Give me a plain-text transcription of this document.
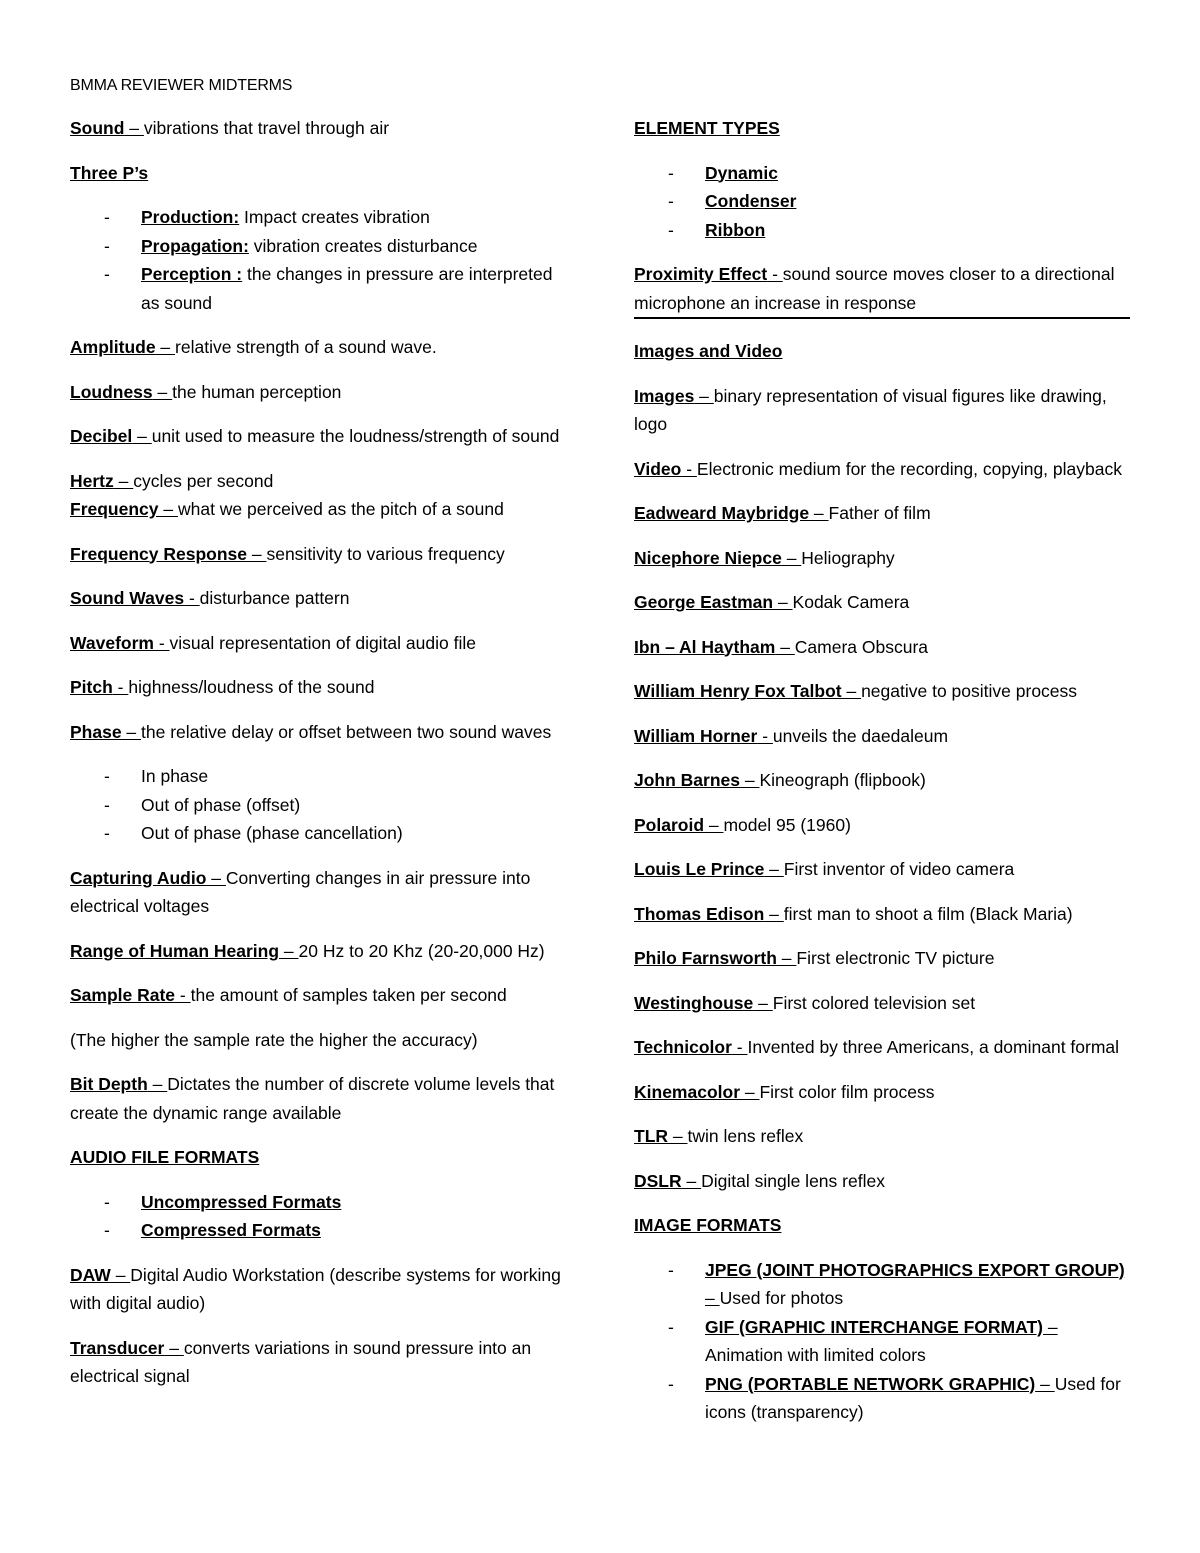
BMMA REVIEWER MIDTERMS
Sound – vibrations that travel through air
Three P’s
- Production: Impact creates vibration
- Propagation: vibration creates disturbance
- Perception : the changes in pressure are interpreted as sound
Amplitude – relative strength of a sound wave.
Loudness – the human perception
Decibel – unit used to measure the loudness/strength of sound
Hertz – cycles per second
Frequency – what we perceived as the pitch of a sound
Frequency Response – sensitivity to various frequency
Sound Waves - disturbance pattern
Waveform - visual representation of digital audio file
Pitch - highness/loudness of the sound
Phase – the relative delay or offset between two sound waves
- In phase
- Out of phase (offset)
- Out of phase (phase cancellation)
Capturing Audio – Converting changes in air pressure into electrical voltages
Range of Human Hearing – 20 Hz to 20 Khz (20-20,000 Hz)
Sample Rate - the amount of samples taken per second
(The higher the sample rate the higher the accuracy)
Bit Depth – Dictates the number of discrete volume levels that create the dynamic range available
AUDIO FILE FORMATS
- Uncompressed Formats
- Compressed Formats
DAW – Digital Audio Workstation (describe systems for working with digital audio)
Transducer – converts variations in sound pressure into an electrical signal
ELEMENT TYPES
- Dynamic
- Condenser
- Ribbon
Proximity Effect - sound source moves closer to a directional microphone an increase in response
Images and Video
Images – binary representation of visual figures like drawing, logo
Video - Electronic medium for the recording, copying, playback
Eadweard Maybridge – Father of film
Nicephore Niepce – Heliography
George Eastman – Kodak Camera
Ibn – Al Haytham – Camera Obscura
William Henry Fox Talbot – negative to positive process
William Horner - unveils the daedaleum
John Barnes – Kineograph (flipbook)
Polaroid – model 95 (1960)
Louis Le Prince – First inventor of video camera
Thomas Edison – first man to shoot a film (Black Maria)
Philo Farnsworth – First electronic TV picture
Westinghouse – First colored television set
Technicolor - Invented by three Americans, a dominant formal
Kinemacolor – First color film process
TLR – twin lens reflex
DSLR – Digital single lens reflex
IMAGE FORMATS
- JPEG (JOINT PHOTOGRAPHICS EXPORT GROUP) – Used for photos
- GIF (GRAPHIC INTERCHANGE FORMAT) – Animation with limited colors
- PNG (PORTABLE NETWORK GRAPHIC) – Used for icons (transparency)
